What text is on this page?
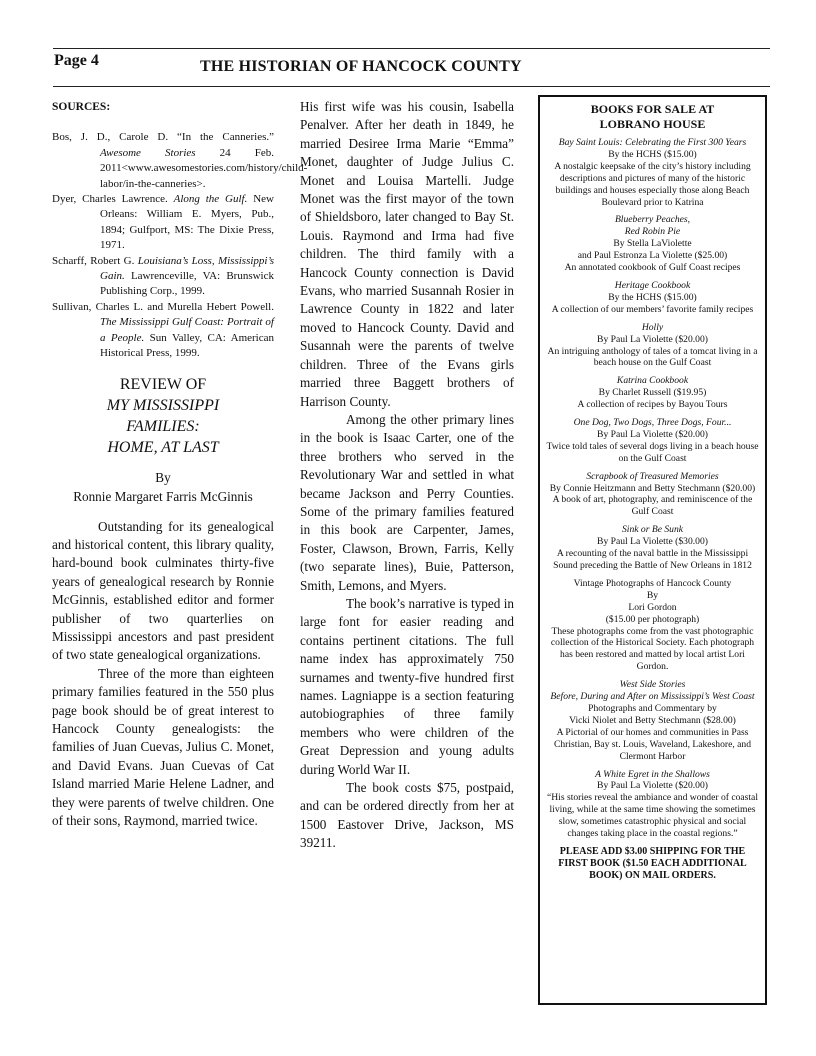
Page 4	THE HISTORIAN OF HANCOCK COUNTY
SOURCES:

Bos, J. D., Carole D. “In the Canneries.” Awesome Stories 24 Feb. 2011<www.awesomestories.com/history/child-labor/in-the-canneries>.

Dyer, Charles Lawrence. Along the Gulf. New Orleans: William E. Myers, Pub., 1894; Gulfport, MS: The Dixie Press, 1971.

Scharff, Robert G. Louisiana’s Loss, Mississippi’s Gain. Lawrenceville, VA: Brunswick Publishing Corp., 1999.

Sullivan, Charles L. and Murella Hebert Powell. The Mississippi Gulf Coast: Portrait of a People. Sun Valley, CA: American Historical Press, 1999.

REVIEW OF
MY MISSISSIPPI
FAMILIES:
HOME, AT LAST
By
Ronnie Margaret Farris McGinnis

Outstanding for its genealogical and historical content, this library quality, hard-bound book culminates thirty-five years of genealogical research by Ronnie McGinnis, established editor and former publisher of two quarterlies on Mississippi ancestors and past president of two state genealogical organizations.

Three of the more than eighteen primary families featured in the 550 plus page book should be of great interest to Hancock County genealogists: the families of Juan Cuevas, Julius C. Monet, and David Evans. Juan Cuevas of Cat Island married Marie Helene Ladner, and they were parents of twelve children. One of their sons, Raymond, married twice.

His first wife was his cousin, Isabella Penalver. After her death in 1849, he married Desiree Irma Marie “Emma” Monet, daughter of Judge Julius C. Monet and Louisa Martelli. Judge Monet was the first mayor of the town of Shieldsboro, later changed to Bay St. Louis. Raymond and Irma had five children. The third family with a Hancock County connection is David Evans, who married Susannah Rosier in Lawrence County in 1822 and later moved to Hancock County. David and Susannah were the parents of twelve children. Three of the Evans girls married three Baggett brothers of Harrison County.

Among the other primary lines in the book is Isaac Carter, one of the three brothers who served in the Revolutionary War and settled in what became Jackson and Perry Counties. Some of the primary families featured in this book are Carpenter, James, Foster, Clawson, Brown, Farris, Kelly (two separate lines), Buie, Patterson, Smith, Lemons, and Myers.

The book’s narrative is typed in large font for easier reading and contains pertinent citations. The full name index has approximately 750 surnames and twenty-five hundred first names. Lagniappe is a section featuring autobiographies of three family members who were children of the Great Depression and young adults during World War II.

The book costs $75, postpaid, and can be ordered directly from her at 1500 Eastover Drive, Jackson, MS 39211.

BOOKS FOR SALE AT
LOBRANO HOUSE
Bay Saint Louis: Celebrating the First 300 Years
By the HCHS ($15.00)
A nostalgic keepsake of the city’s history including descriptions and pictures of many of the historic buildings and houses especially those along Beach Boulevard prior to Katrina
Blueberry Peaches,
Red Robin Pie
By Stella LaViolette
and Paul Estronza La Violette ($25.00)
An annotated cookbook of Gulf Coast recipes
Heritage Cookbook
By the HCHS ($15.00)
A collection of our members’ favorite family recipes
Holly
By Paul La Violette ($20.00)
An intriguing anthology of tales of a tomcat living in a beach house on the Gulf Coast
Katrina Cookbook
By Charlet Russell ($19.95)
A collection of recipes by Bayou Tours
One Dog, Two Dogs, Three Dogs, Four...
By Paul La Violette ($20.00)
Twice told tales of several dogs living in a beach house on the Gulf Coast
Scrapbook of Treasured Memories
By Connie Heitzmann and Betty Stechmann ($20.00)
A book of art, photography, and reminiscence of the Gulf Coast
Sink or Be Sunk
By Paul La Violette ($30.00)
A recounting of the naval battle in the Mississippi Sound preceding the Battle of New Orleans in 1812
Vintage Photographs of Hancock County
By
Lori Gordon
($15.00 per photograph)
These photographs come from the vast photographic collection of the Historical Society. Each photograph has been restored and matted by local artist Lori Gordon.
West Side Stories
Before, During and After on Mississippi’s West Coast
Photographs and Commentary by
Vicki Niolet and Betty Stechmann ($28.00)
A Pictorial of our homes and communities in Pass Christian, Bay st. Louis, Waveland, Lakeshore, and Clermont Harbor
A White Egret in the Shallows
By Paul La Violette ($20.00)
“His stories reveal the ambiance and wonder of coastal living, while at the same time showing the sometimes slow, sometimes catastrophic physical and social changes taking place in the coastal regions.”
PLEASE ADD $3.00 SHIPPING FOR THE FIRST BOOK ($1.50 EACH ADDITIONAL BOOK) ON MAIL ORDERS.
